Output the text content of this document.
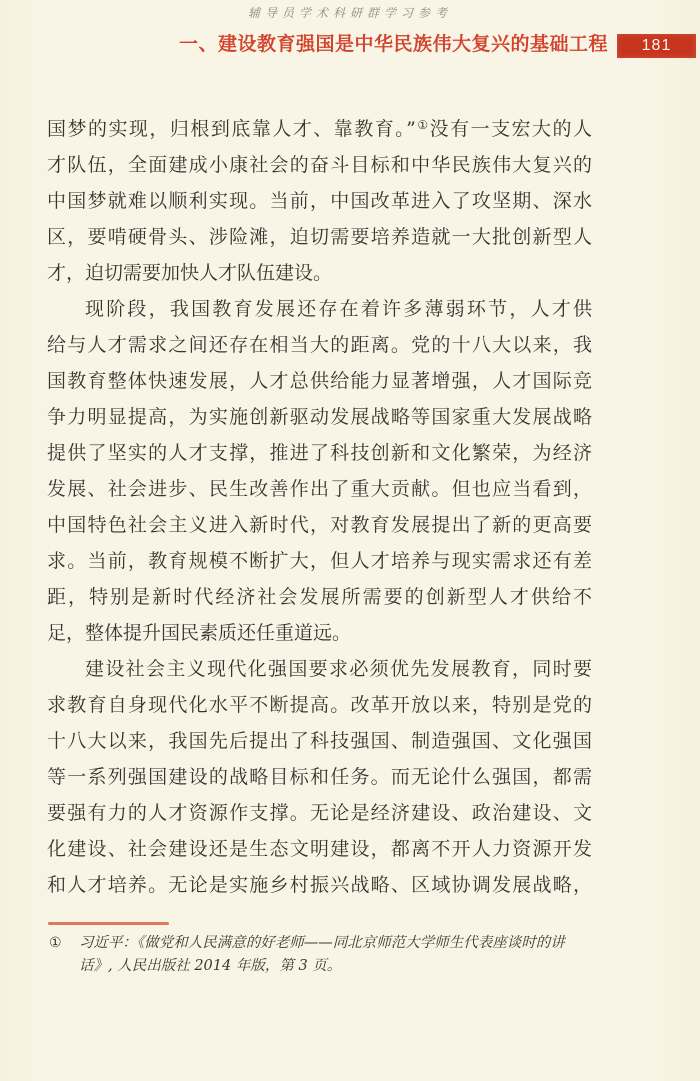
辅导员学术科研群学习参考
一、建设教育强国是中华民族伟大复兴的基础工程	181
国梦的实现，归根到底靠人才、靠教育。”①没有一支宏大的人
才队伍，全面建成小康社会的奋斗目标和中华民族伟大复兴的
中国梦就难以顺利实现。当前，中国改革进入了攻坚期、深水
区，要啃硬骨头、涉险滩，迫切需要培养造就一大批创新型人
才，迫切需要加快人才队伍建设。
现阶段，我国教育发展还存在着许多薄弱环节，人才供
给与人才需求之间还存在相当大的距离。党的十八大以来，我
国教育整体快速发展，人才总供给能力显著增强，人才国际竞
争力明显提高，为实施创新驱动发展战略等国家重大发展战略
提供了坚实的人才支撑，推进了科技创新和文化繁荣，为经济
发展、社会进步、民生改善作出了重大贡献。但也应当看到，
中国特色社会主义进入新时代，对教育发展提出了新的更高要
求。当前，教育规模不断扩大，但人才培养与现实需求还有差
距，特别是新时代经济社会发展所需要的创新型人才供给不
足，整体提升国民素质还任重道远。
建设社会主义现代化强国要求必须优先发展教育，同时要
求教育自身现代化水平不断提高。改革开放以来，特别是党的
十八大以来，我国先后提出了科技强国、制造强国、文化强国
等一系列强国建设的战略目标和任务。而无论什么强国，都需
要强有力的人才资源作支撑。无论是经济建设、政治建设、文
化建设、社会建设还是生态文明建设，都离不开人力资源开发
和人才培养。无论是实施乡村振兴战略、区域协调发展战略，
① 习近平：《做党和人民满意的好老师——同北京师范大学师生代表座谈时的讲
话》, 人民出版社 2014 年版，第 3 页。
